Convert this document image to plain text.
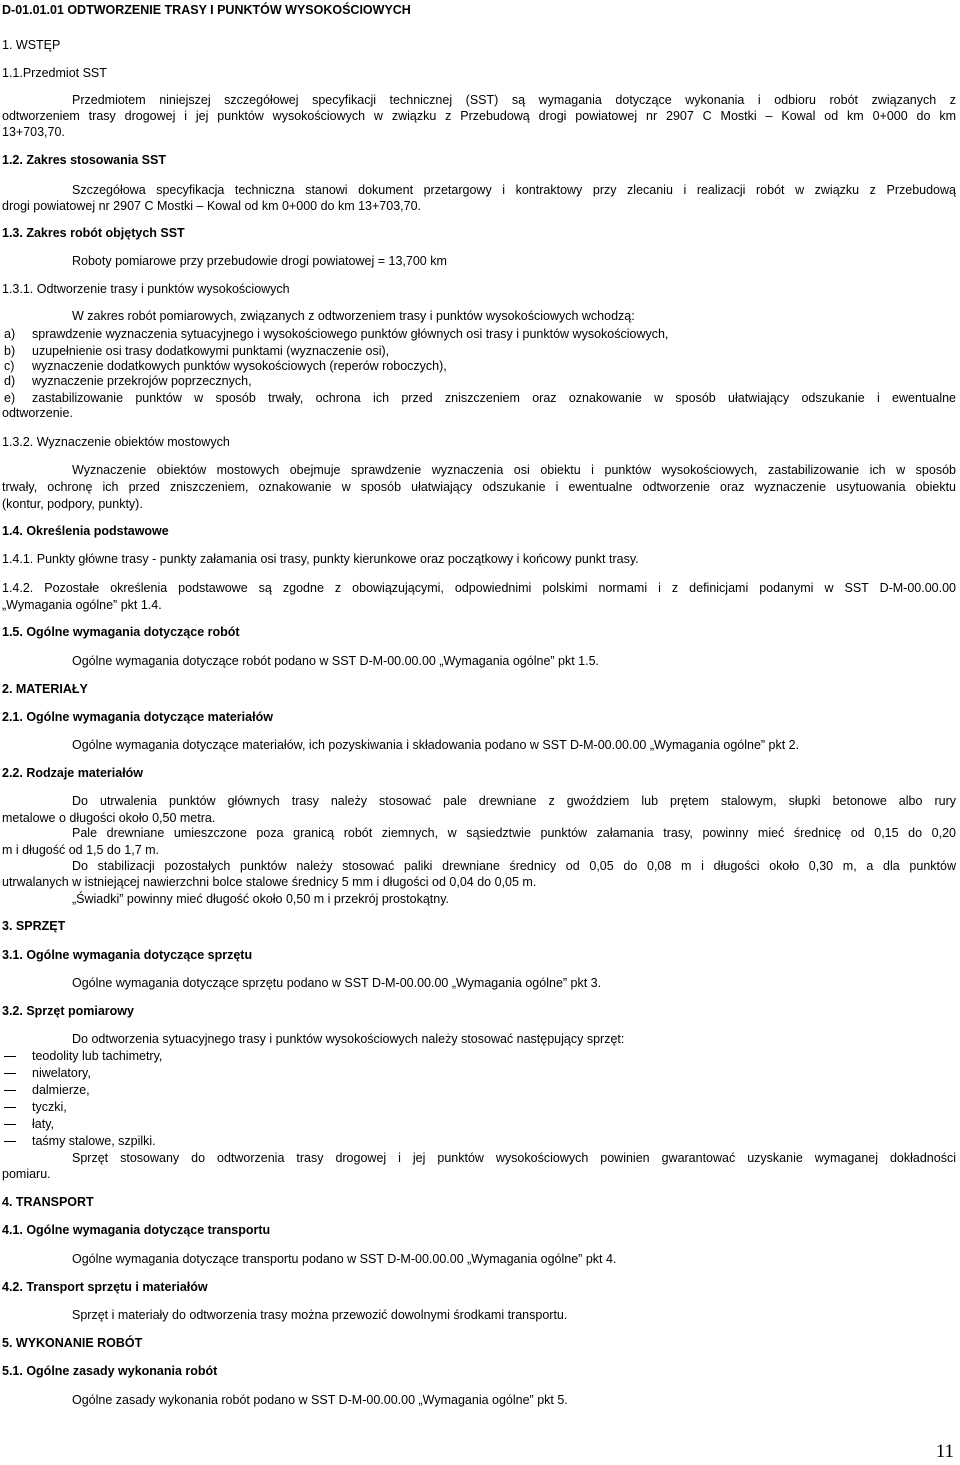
D-01.01.01 ODTWORZENIE TRASY I PUNKTÓW WYSOKOŚCIOWYCH
1. WSTĘP
1.1.Przedmiot SST
Przedmiotem niniejszej szczegółowej specyfikacji technicznej (SST) są wymagania dotyczące wykonania i odbioru robót związanych z
odtworzeniem trasy drogowej i jej punktów wysokościowych w związku z Przebudową drogi powiatowej nr 2907 C Mostki – Kowal od km 0+000 do km
13+703,70.
1.2. Zakres stosowania SST
Szczegółowa specyfikacja techniczna stanowi dokument przetargowy i kontraktowy przy zlecaniu i realizacji robót w związku z Przebudową
drogi powiatowej nr 2907 C Mostki – Kowal od km 0+000 do km 13+703,70.
1.3. Zakres robót objętych SST
Roboty pomiarowe przy przebudowie drogi powiatowej = 13,700 km
1.3.1. Odtworzenie trasy i punktów wysokościowych
W zakres robót pomiarowych, związanych z odtworzeniem trasy i punktów wysokościowych wchodzą:
a) sprawdzenie wyznaczenia sytuacyjnego i wysokościowego punktów głównych osi trasy i punktów wysokościowych,
b) uzupełnienie osi trasy dodatkowymi punktami (wyznaczenie osi),
c) wyznaczenie dodatkowych punktów wysokościowych (reperów roboczych),
d) wyznaczenie przekrojów poprzecznych,
e) zastabilizowanie punktów w sposób trwały, ochrona ich przed zniszczeniem oraz oznakowanie w sposób ułatwiający odszukanie i ewentualne
odtworzenie.
1.3.2. Wyznaczenie obiektów mostowych
Wyznaczenie obiektów mostowych obejmuje sprawdzenie wyznaczenia osi obiektu i punktów wysokościowych, zastabilizowanie ich w sposób
trwały, ochronę ich przed zniszczeniem, oznakowanie w sposób ułatwiający odszukanie i ewentualne odtworzenie oraz wyznaczenie usytuowania obiektu
(kontur, podpory, punkty).
1.4. Określenia podstawowe
1.4.1. Punkty główne trasy - punkty załamania osi trasy, punkty kierunkowe oraz początkowy i końcowy punkt trasy.
1.4.2. Pozostałe określenia podstawowe są zgodne z obowiązującymi, odpowiednimi polskimi normami i z definicjami podanymi w SST D-M-00.00.00
„Wymagania ogólne” pkt 1.4.
1.5. Ogólne wymagania dotyczące robót
Ogólne wymagania dotyczące robót podano w SST D-M-00.00.00 „Wymagania ogólne” pkt 1.5.
2. MATERIAŁY
2.1. Ogólne wymagania dotyczące materiałów
Ogólne wymagania dotyczące materiałów, ich pozyskiwania i składowania podano w SST D-M-00.00.00 „Wymagania ogólne” pkt 2.
2.2. Rodzaje materiałów
Do utrwalenia punktów głównych trasy należy stosować pale drewniane z gwoździem lub prętem stalowym, słupki betonowe albo rury
metalowe o długości około 0,50 metra.
Pale drewniane umieszczone poza granicą robót ziemnych, w sąsiedztwie punktów załamania trasy, powinny mieć średnicę od 0,15 do 0,20
m i długość od 1,5 do 1,7 m.
Do stabilizacji pozostałych punktów należy stosować paliki drewniane średnicy od 0,05 do 0,08 m i długości około 0,30 m, a dla punktów
utrwalanych w istniejącej nawierzchni bolce stalowe średnicy 5 mm i długości od 0,04 do 0,05 m.
„Świadki” powinny mieć długość około 0,50 m i przekrój prostokątny.
3. SPRZĘT
3.1. Ogólne wymagania dotyczące sprzętu
Ogólne wymagania dotyczące sprzętu podano w SST D-M-00.00.00 „Wymagania ogólne” pkt 3.
3.2. Sprzęt pomiarowy
Do odtworzenia sytuacyjnego trasy i punktów wysokościowych należy stosować następujący sprzęt:
teodolity lub tachimetry,
niwelatory,
dalmierze,
tyczki,
łaty,
taśmy stalowe, szpilki.
Sprzęt stosowany do odtworzenia trasy drogowej i jej punktów wysokościowych powinien gwarantować uzyskanie wymaganej dokładności
pomiaru.
4. TRANSPORT
4.1. Ogólne wymagania dotyczące transportu
Ogólne wymagania dotyczące transportu podano w SST D-M-00.00.00 „Wymagania ogólne” pkt 4.
4.2. Transport sprzętu i materiałów
Sprzęt i materiały do odtworzenia trasy można przewozić dowolnymi środkami transportu.
5. WYKONANIE ROBÓT
5.1. Ogólne zasady wykonania robót
Ogólne zasady wykonania robót podano w SST D-M-00.00.00 „Wymagania ogólne” pkt 5.
11
